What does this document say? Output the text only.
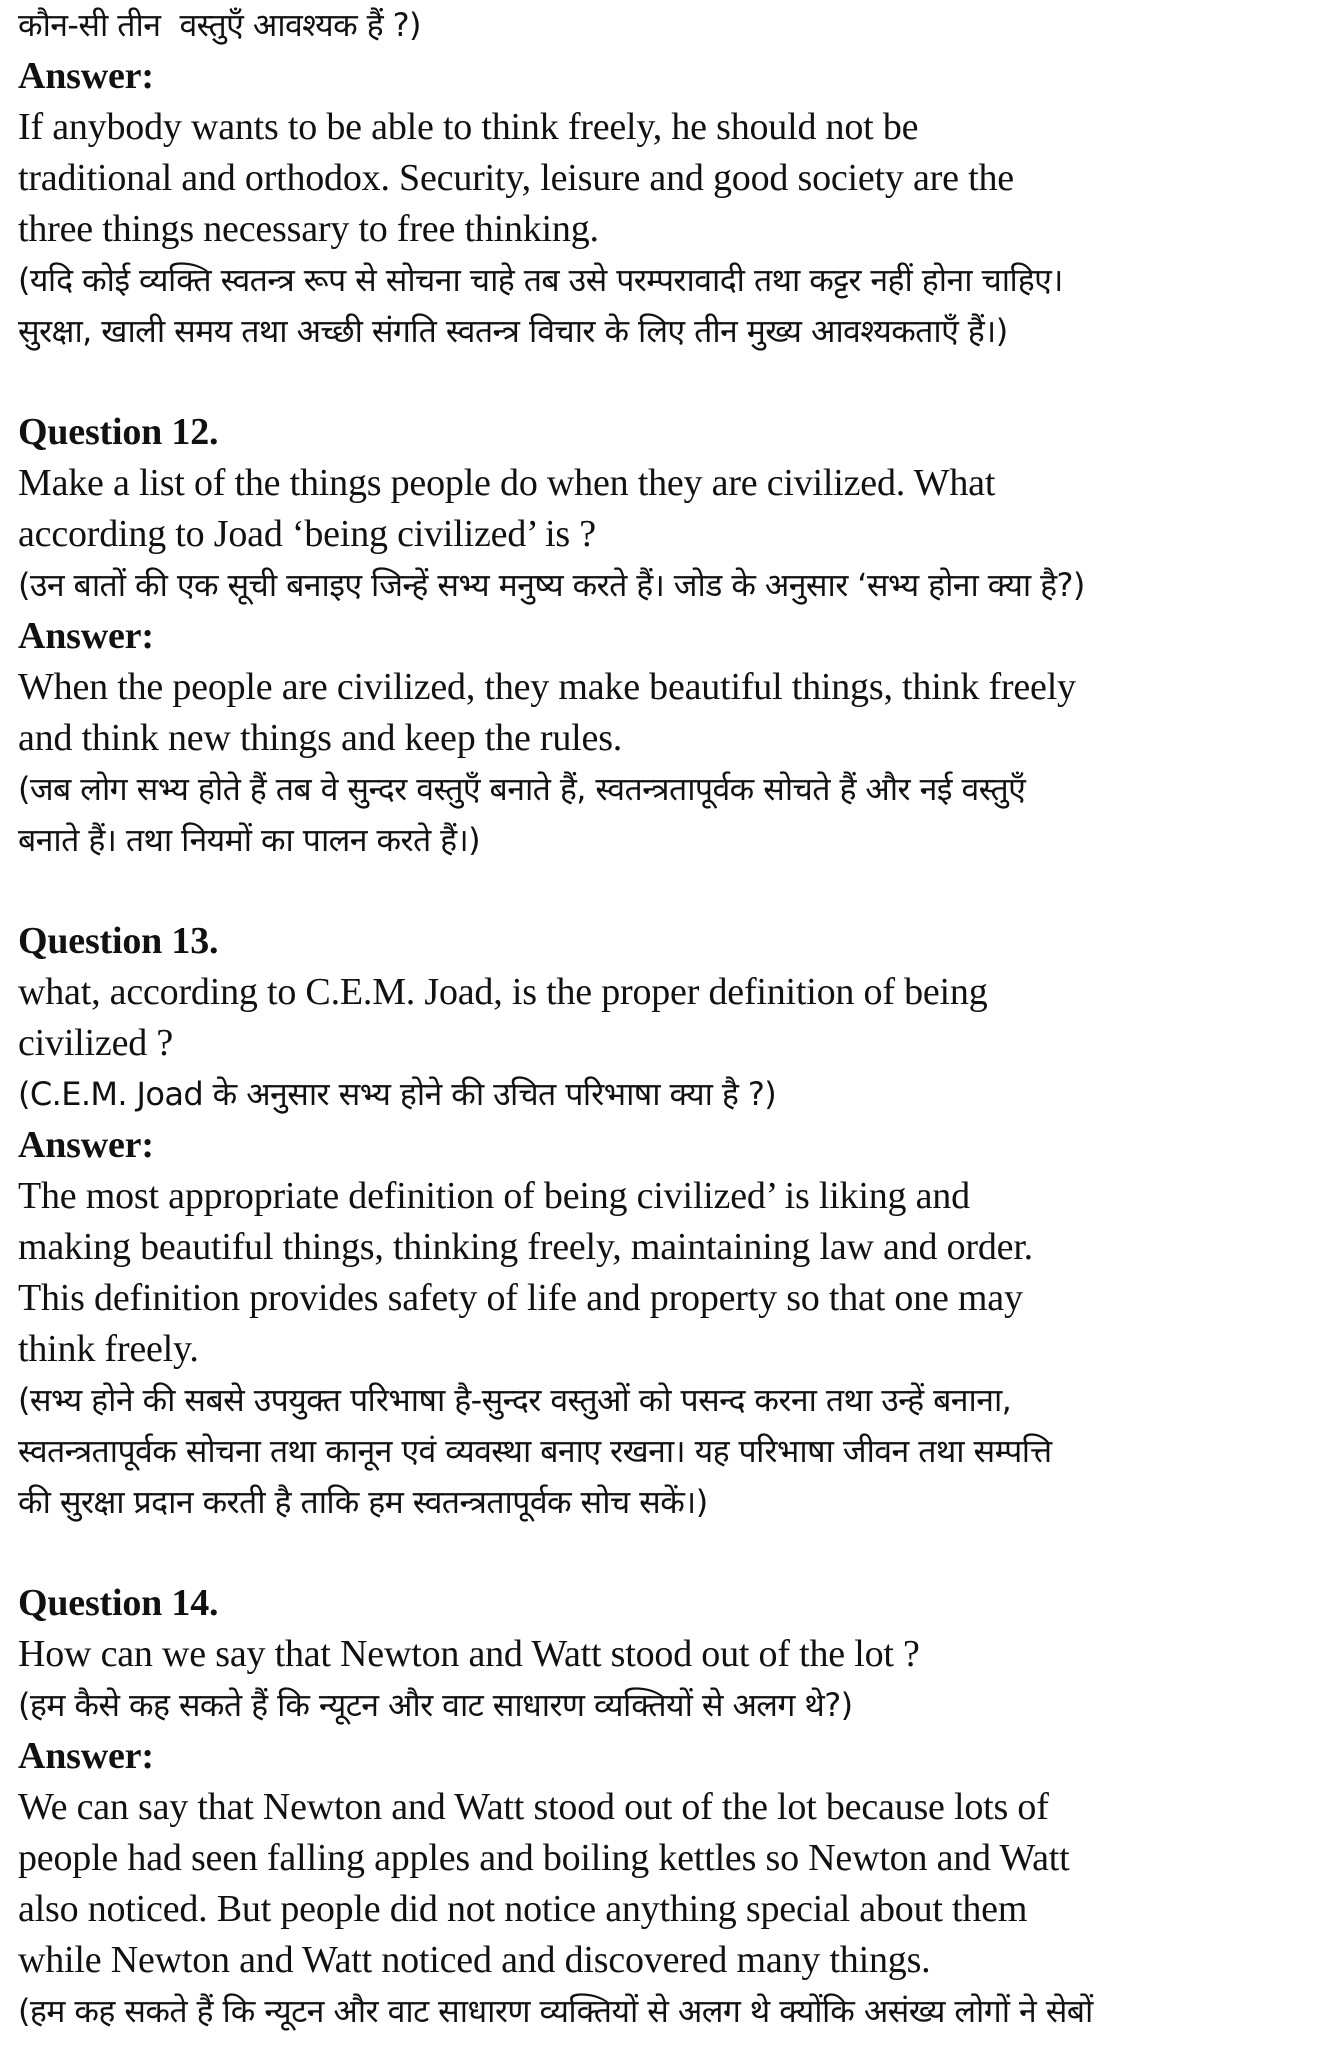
कौन-सी तीन  वस्तुएँ आवश्यक हैं ?)

Answer:

If anybody wants to be able to think freely, he should not be

traditional and orthodox. Security, leisure and good society are the

three things necessary to free thinking.

(यदि कोई व्यक्ति स्वतन्त्र रूप से सोचना चाहे तब उसे परम्परावादी तथा कट्टर नहीं होना चाहिए।

सुरक्षा, खाली समय तथा अच्छी संगति स्वतन्त्र विचार के लिए तीन मुख्य आवश्यकताएँ हैं।)

Question 12.

Make a list of the things people do when they are civilized. What

according to Joad ‘being civilized’ is ?

(उन बातों की एक सूची बनाइए जिन्हें सभ्य मनुष्य करते हैं। जोड के अनुसार ‘सभ्य होना क्या है?)

Answer:

When the people are civilized, they make beautiful things, think freely

and think new things and keep the rules.

(जब लोग सभ्य होते हैं तब वे सुन्दर वस्तुएँ बनाते हैं, स्वतन्त्रतापूर्वक सोचते हैं और नई वस्तुएँ

बनाते हैं। तथा नियमों का पालन करते हैं।)

Question 13.

what, according to C.E.M. Joad, is the proper definition of being

civilized ?

(C.E.M. Joad के अनुसार सभ्य होने की उचित परिभाषा क्या है ?)

Answer:

The most appropriate definition of being civilized’ is liking and

making beautiful things, thinking freely, maintaining law and order.

This definition provides safety of life and property so that one may

think freely.

(सभ्य होने की सबसे उपयुक्त परिभाषा है-सुन्दर वस्तुओं को पसन्द करना तथा उन्हें बनाना,

स्वतन्त्रतापूर्वक सोचना तथा कानून एवं व्यवस्था बनाए रखना। यह परिभाषा जीवन तथा सम्पत्ति

की सुरक्षा प्रदान करती है ताकि हम स्वतन्त्रतापूर्वक सोच सकें।)

Question 14.

How can we say that Newton and Watt stood out of the lot ?

(हम कैसे कह सकते हैं कि न्यूटन और वाट साधारण व्यक्तियों से अलग थे?)

Answer:

We can say that Newton and Watt stood out of the lot because lots of

people had seen falling apples and boiling kettles so Newton and Watt

also noticed. But people did not notice anything special about them

while Newton and Watt noticed and discovered many things.

(हम कह सकते हैं कि न्यूटन और वाट साधारण व्यक्तियों से अलग थे क्योंकि असंख्य लोगों ने सेबों
